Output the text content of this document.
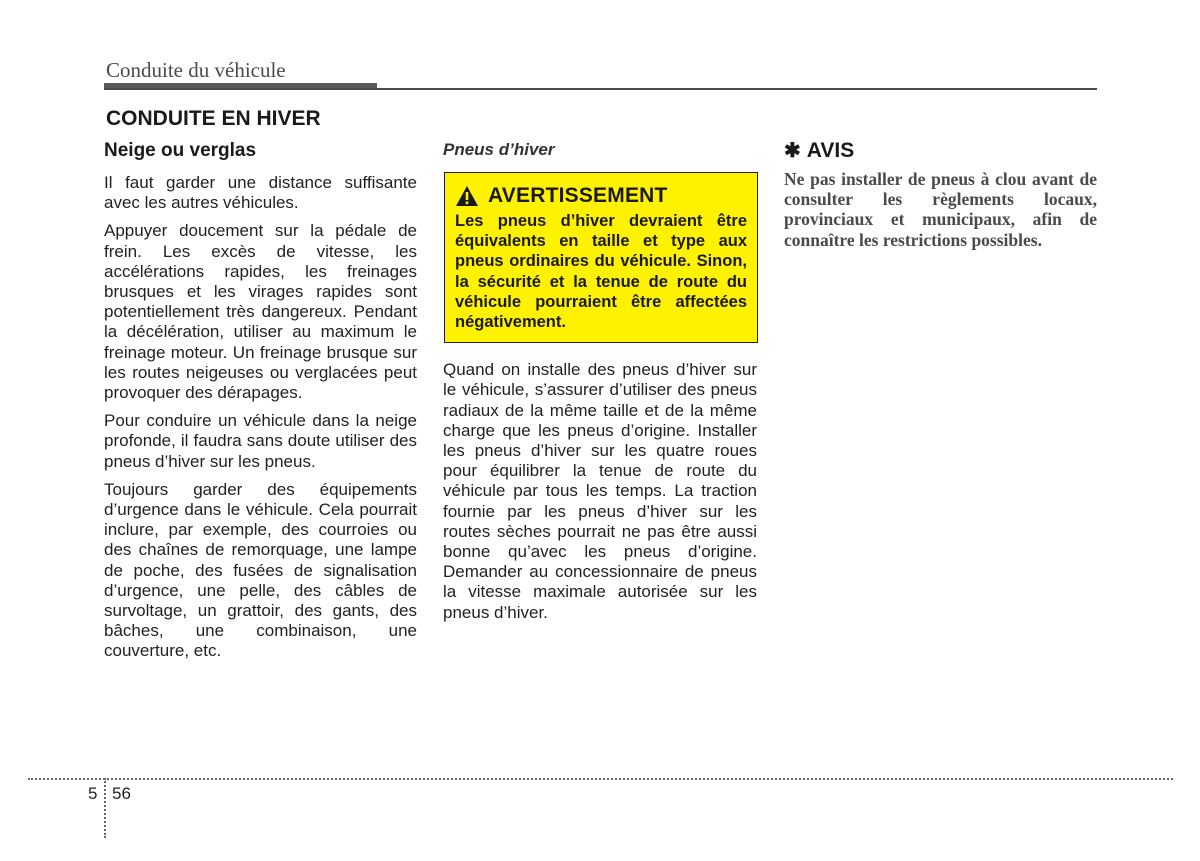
Conduite du véhicule
CONDUITE EN HIVER
Neige ou verglas

Il faut garder une distance suffisante avec les autres véhicules.

Appuyer doucement sur la pédale de frein. Les excès de vitesse, les accélérations rapides, les freinages brusques et les virages rapides sont potentiellement très dangereux. Pendant la décélération, utiliser au maximum le freinage moteur. Un freinage brusque sur les routes neigeuses ou verglacées peut provoquer des dérapages.

Pour conduire un véhicule dans la neige profonde, il faudra sans doute utiliser des pneus d’hiver sur les pneus.

Toujours garder des équipements d’urgence dans le véhicule. Cela pourrait inclure, par exemple, des courroies ou des chaînes de remorquage, une lampe de poche, des fusées de signalisation d’urgence, une pelle, des câbles de survoltage, un grattoir, des gants, des bâches, une combinaison, une couverture, etc.

Pneus d’hiver
AVERTISSEMENT
Les pneus d’hiver devraient être équivalents en taille et type aux pneus ordinaires du véhicule. Sinon, la sécurité et la tenue de route du véhicule pourraient être affectées négativement.

Quand on installe des pneus d’hiver sur le véhicule, s’assurer d’utiliser des pneus radiaux de la même taille et de la même charge que les pneus d’origine. Installer les pneus d’hiver sur les quatre roues pour équilibrer la tenue de route du véhicule par tous les temps. La traction fournie par les pneus d’hiver sur les routes sèches pourrait ne pas être aussi bonne qu’avec les pneus d’origine. Demander au concessionnaire de pneus la vitesse maximale autorisée sur les pneus d’hiver.

✱ AVIS
Ne pas installer de pneus à clou avant de consulter les règlements locaux, provinciaux et municipaux, afin de connaître les restrictions possibles.
5 56
